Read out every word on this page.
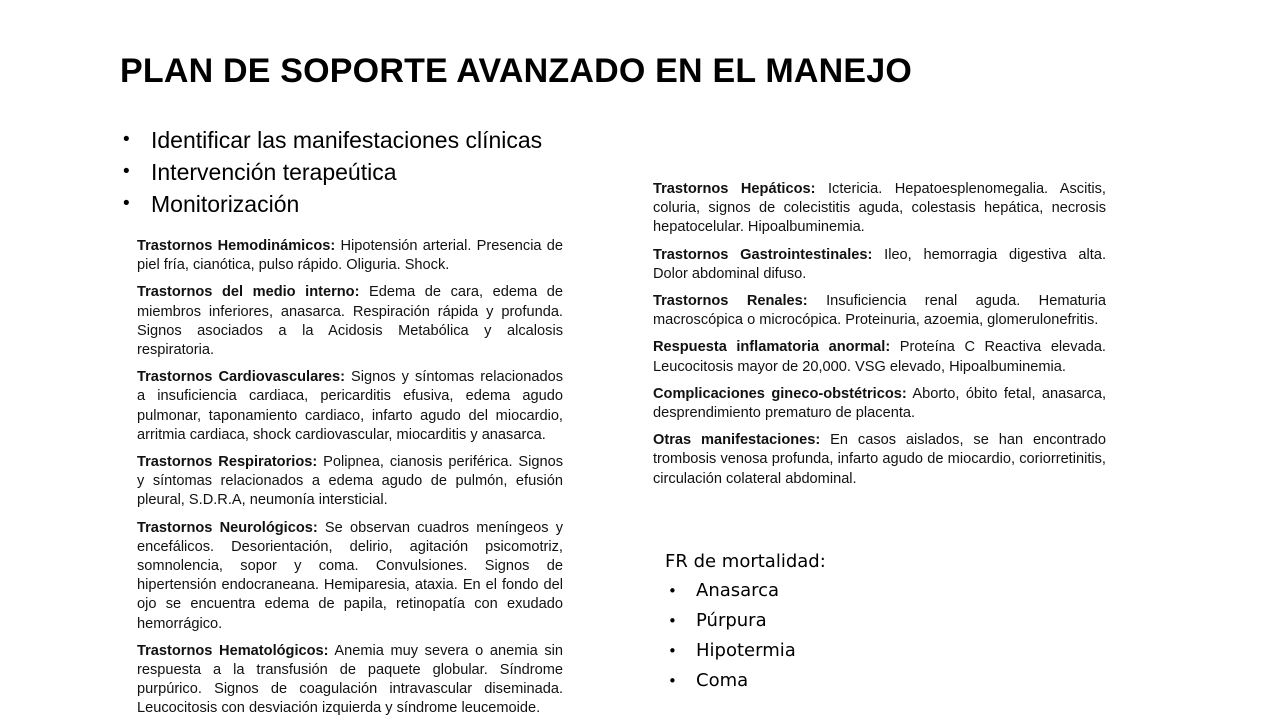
PLAN DE SOPORTE AVANZADO EN EL MANEJO
• Identificar las manifestaciones clínicas
• Intervención terapeútica
• Monitorización

Trastornos Hemodinámicos: Hipotensión arterial. Presencia de piel fría, cianótica, pulso rápido. Oliguria. Shock.

Trastornos del medio interno: Edema de cara, edema de miembros inferiores, anasarca. Respiración rápida y profunda. Signos asociados a la Acidosis Metabólica y alcalosis respiratoria.

Trastornos Cardiovasculares: Signos y síntomas relacionados a insuficiencia cardiaca, pericarditis efusiva, edema agudo pulmonar, taponamiento cardiaco, infarto agudo del miocardio, arritmia cardiaca, shock cardiovascular, miocarditis y anasarca.

Trastornos Respiratorios: Polipnea, cianosis periférica. Signos y síntomas relacionados a edema agudo de pulmón, efusión pleural, S.D.R.A, neumonía intersticial.

Trastornos Neurológicos: Se observan cuadros meníngeos y encefálicos. Desorientación, delirio, agitación psicomotriz, somnolencia, sopor y coma. Convulsiones. Signos de hipertensión endocraneana. Hemiparesia, ataxia. En el fondo del ojo se encuentra edema de papila, retinopatía con exudado hemorrágico.

Trastornos Hematológicos: Anemia muy severa o anemia sin respuesta a la transfusión de paquete globular. Síndrome purpúrico. Signos de coagulación intravascular diseminada. Leucocitosis con desviación izquierda y síndrome leucemoide.

Trastornos Hepáticos: Ictericia. Hepatoesplenomegalia. Ascitis, coluria, signos de colecistitis aguda, colestasis hepática, necrosis hepatocelular. Hipoalbuminemia.

Trastornos Gastrointestinales: Ileo, hemorragia digestiva alta. Dolor abdominal difuso.

Trastornos Renales: Insuficiencia renal aguda. Hematuria macroscópica o microcópica. Proteinuria, azoemia, glomerulonefritis.

Respuesta inflamatoria anormal: Proteína C Reactiva elevada. Leucocitosis mayor de 20,000. VSG elevado, Hipoalbuminemia.

Complicaciones gineco-obstétricos: Aborto, óbito fetal, anasarca, desprendimiento prematuro de placenta.

Otras manifestaciones: En casos aislados, se han encontrado trombosis venosa profunda, infarto agudo de miocardio, coriorretinitis, circulación colateral abdominal.

FR de mortalidad:
• Anasarca
• Púrpura
• Hipotermia
• Coma
